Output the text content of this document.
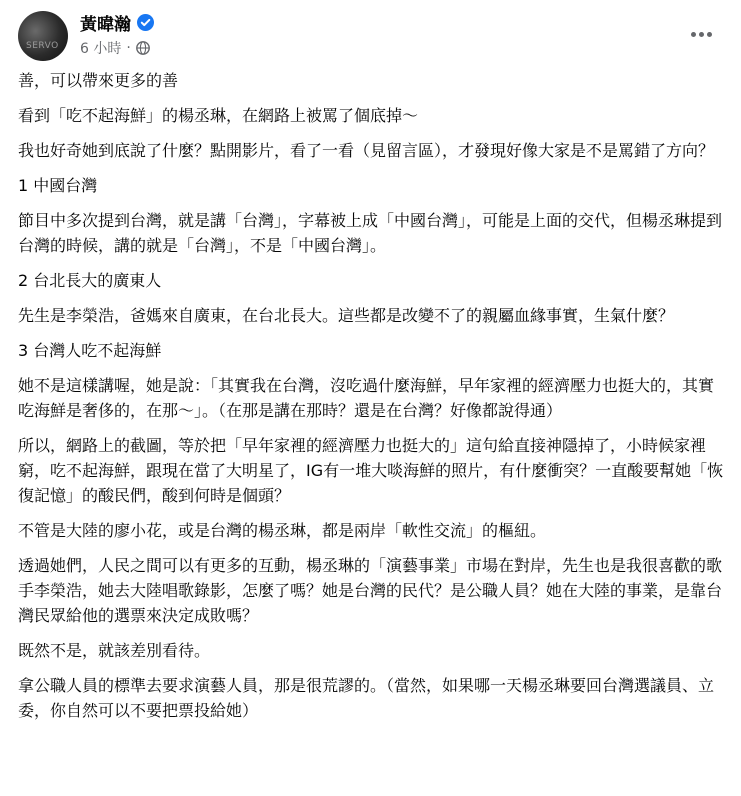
SERVO
黃暐瀚
6 小時 ·

善，可以帶來更多的善

看到「吃不起海鮮」的楊丞琳，在網路上被罵了個底掉～

我也好奇她到底說了什麼？點開影片，看了一看（見留言區），才發現好像大家是不是罵錯了方向？

1 中國台灣

節目中多次提到台灣，就是講「台灣」，字幕被上成「中國台灣」，可能是上面的交代，但楊丞琳提到台灣的時候，講的就是「台灣」，不是「中國台灣」。

2 台北長大的廣東人

先生是李榮浩，爸媽來自廣東，在台北長大。這些都是改變不了的親屬血緣事實，生氣什麼？

3 台灣人吃不起海鮮

她不是這樣講喔，她是說：「其實我在台灣，沒吃過什麼海鮮，早年家裡的經濟壓力也挺大的，其實吃海鮮是奢侈的，在那～」。（在那是講在那時？還是在台灣？好像都說得通）

所以，網路上的截圖，等於把「早年家裡的經濟壓力也挺大的」這句給直接神隱掉了，小時候家裡窮，吃不起海鮮，跟現在當了大明星了，IG有一堆大啖海鮮的照片，有什麼衝突？一直酸要幫她「恢復記憶」的酸民們，酸到何時是個頭？

不管是大陸的廖小花，或是台灣的楊丞琳，都是兩岸「軟性交流」的樞紐。

透過她們，人民之間可以有更多的互動，楊丞琳的「演藝事業」市場在對岸，先生也是我很喜歡的歌手李榮浩，她去大陸唱歌錄影，怎麼了嗎？她是台灣的民代？是公職人員？她在大陸的事業，是靠台灣民眾給他的選票來決定成敗嗎？

既然不是，就該差別看待。

拿公職人員的標準去要求演藝人員，那是很荒謬的。（當然，如果哪一天楊丞琳要回台灣選議員、立委，你自然可以不要把票投給她）
